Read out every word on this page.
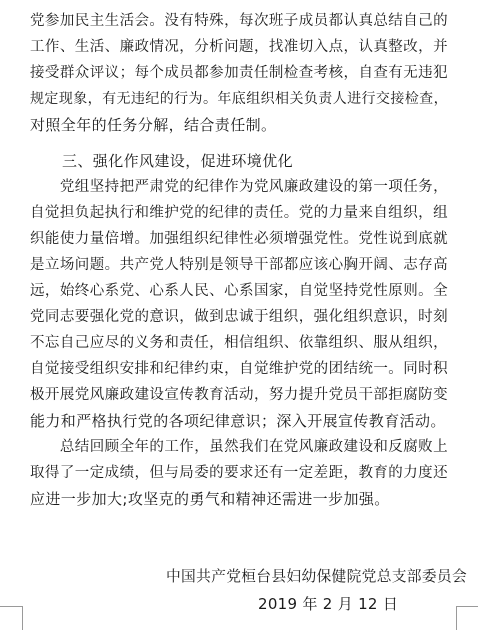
党参加民主生活会。没有特殊，每次班子成员都认真总结自己的
工作、生活、廉政情况，分析问题，找准切入点，认真整改，并
接受群众评议；每个成员都参加责任制检查考核，自查有无违犯
规定现象，有无违纪的行为。年底组织相关负责人进行交接检查，
对照全年的任务分解，结合责任制。
三、强化作风建设，促进环境优化
　　党组坚持把严肃党的纪律作为党风廉政建设的第一项任务，
自觉担负起执行和维护党的纪律的责任。党的力量来自组织，组
织能使力量倍增。加强组织纪律性必须增强党性。党性说到底就
是立场问题。共产党人特别是领导干部都应该心胸开阔、志存高
远，始终心系党、心系人民、心系国家，自觉坚持党性原则。全
党同志要强化党的意识，做到忠诚于组织，强化组织意识，时刻
不忘自己应尽的义务和责任，相信组织、依靠组织、服从组织，
自觉接受组织安排和纪律约束，自觉维护党的团结统一。同时积
极开展党风廉政建设宣传教育活动，努力提升党员干部拒腐防变
能力和严格执行党的各项纪律意识；深入开展宣传教育活动。
　　总结回顾全年的工作，虽然我们在党风廉政建设和反腐败上
取得了一定成绩，但与局委的要求还有一定差距，教育的力度还
应进一步加大;攻坚克的勇气和精神还需进一步加强。
中国共产党桓台县妇幼保健院党总支部委员会
2019 年 2 月 12 日
